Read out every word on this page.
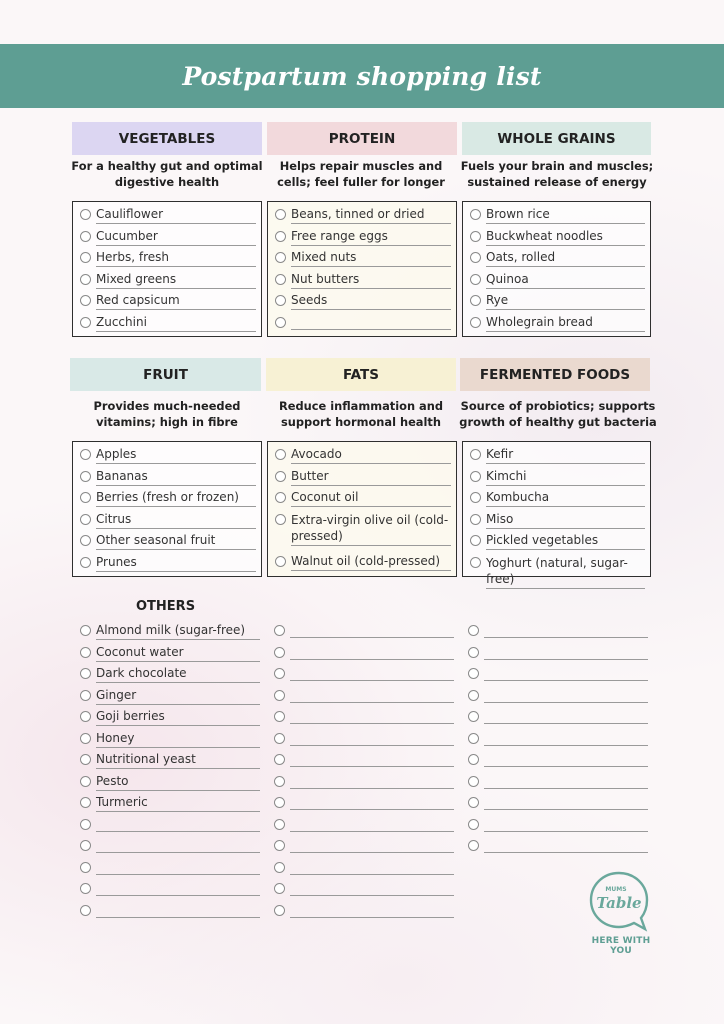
Postpartum shopping list
VEGETABLES	PROTEIN	WHOLE GRAINS
For a healthy gut and optimal digestive health
Helps repair muscles and cells; feel fuller for longer
Fuels your brain and muscles; sustained release of energy
FRUIT	FATS	FERMENTED FOODS
Provides much-needed vitamins; high in fibre
Reduce inflammation and support hormonal health
Source of probiotics; supports growth of healthy gut bacteria
OTHERS
MUMS
Table
HERE WITH YOU
Cauliflower
Cucumber
Herbs, fresh
Mixed greens
Red capsicum
Zucchini
Beans, tinned or dried
Free range eggs
Mixed nuts
Nut butters
Seeds
Brown rice
Buckwheat noodles
Oats, rolled
Quinoa
Rye
Wholegrain bread
Apples
Bananas
Berries (fresh or frozen)
Citrus
Other seasonal fruit
Prunes
Avocado
Butter
Coconut oil
Extra-virgin olive oil (cold-pressed)
Walnut oil (cold-pressed)
Kefir
Kimchi
Kombucha
Miso
Pickled vegetables
Yoghurt (natural, sugar-free)
Almond milk (sugar-free)
Coconut water
Dark chocolate
Ginger
Goji berries
Honey
Nutritional yeast
Pesto
Turmeric
